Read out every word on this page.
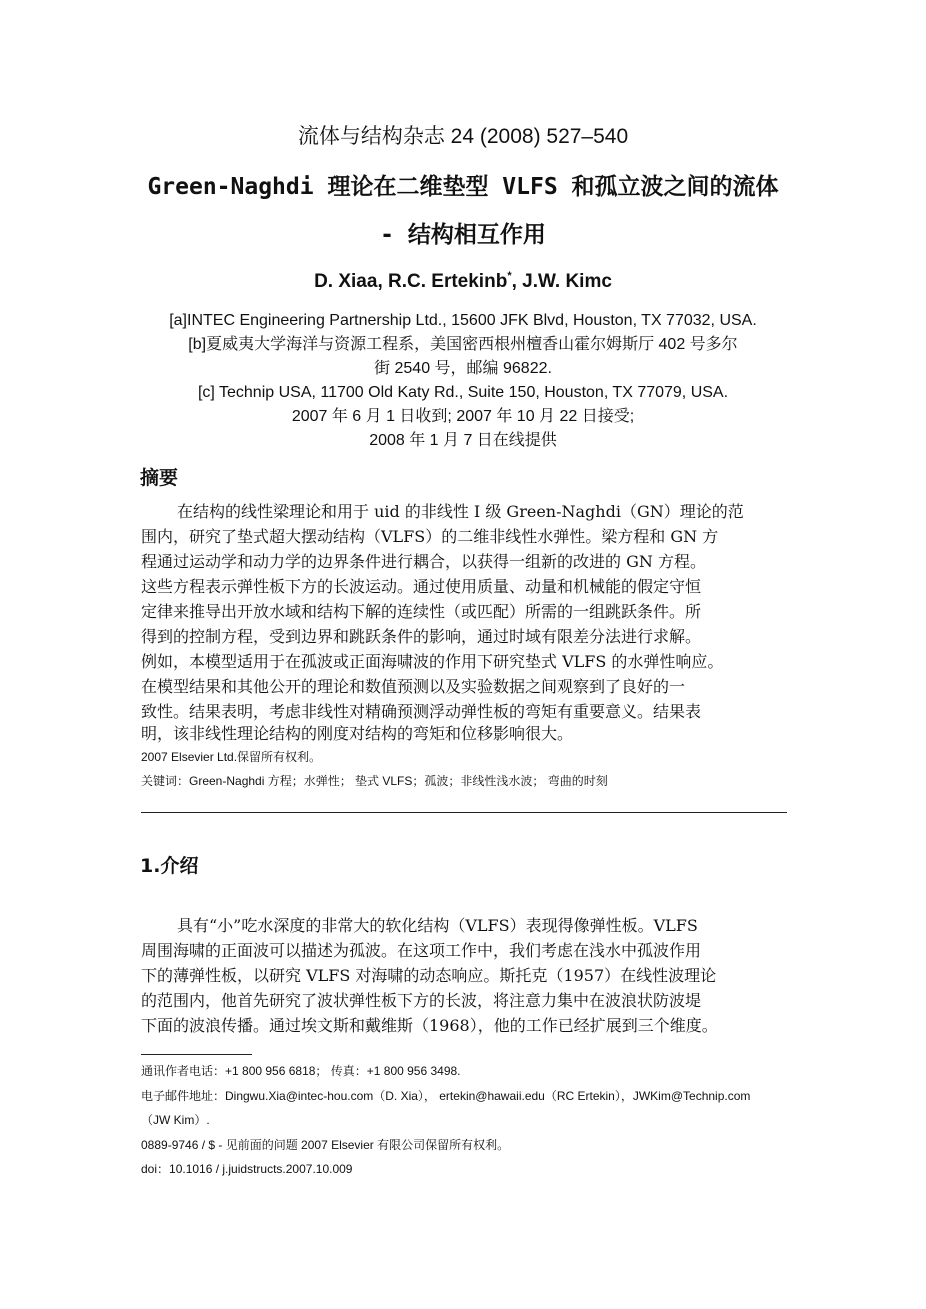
流体与结构杂志 24 (2008) 527–540
Green‐Naghdi 理论在二维垫型 VLFS 和孤立波之间的流体
‐ 结构相互作用
D. Xiaa, R.C. Ertekinb*, J.W. Kimc
[a]INTEC Engineering Partnership Ltd., 15600 JFK Blvd, Houston, TX 77032, USA.
[b]夏威夷大学海洋与资源工程系，美国密西根州檀香山霍尔姆斯厅 402 号多尔
街 2540 号，邮编 96822.
[c] Technip USA, 11700 Old Katy Rd., Suite 150, Houston, TX 77079, USA.
2007 年 6 月 1 日收到; 2007 年 10 月 22 日接受;
2008 年 1 月 7 日在线提供
摘要
在结构的线性梁理论和用于 uid 的非线性 I 级 Green-Naghdi（GN）理论的范
围内，研究了垫式超大摆动结构（VLFS）的二维非线性水弹性。梁方程和 GN 方
程通过运动学和动力学的边界条件进行耦合，以获得一组新的改进的 GN 方程。
这些方程表示弹性板下方的长波运动。通过使用质量、动量和机械能的假定守恒
定律来推导出开放水域和结构下解的连续性（或匹配）所需的一组跳跃条件。所
得到的控制方程，受到边界和跳跃条件的影响，通过时域有限差分法进行求解。
例如，本模型适用于在孤波或正面海啸波的作用下研究垫式 VLFS 的水弹性响应。
在模型结果和其他公开的理论和数值预测以及实验数据之间观察到了良好的一
致性。结果表明，考虑非线性对精确预测浮动弹性板的弯矩有重要意义。结果表
明，该非线性理论结构的刚度对结构的弯矩和位移影响很大。
2007 Elsevier Ltd.保留所有权利。
关键词：Green-Naghdi 方程；水弹性； 垫式 VLFS；孤波；非线性浅水波； 弯曲的时刻
1.介绍
具有“小”吃水深度的非常大的软化结构（VLFS）表现得像弹性板。VLFS
周围海啸的正面波可以描述为孤波。在这项工作中，我们考虑在浅水中孤波作用
下的薄弹性板，以研究 VLFS 对海啸的动态响应。斯托克（1957）在线性波理论
的范围内，他首先研究了波状弹性板下方的长波，将注意力集中在波浪状防波堤
下面的波浪传播。通过埃文斯和戴维斯（1968），他的工作已经扩展到三个维度。
通讯作者电话：+1 800 956 6818； 传真：+1 800 956 3498.
电子邮件地址：Dingwu.Xia@intec-hou.com（D. Xia）， ertekin@hawaii.edu（RC Ertekin），JWKim@Technip.com
（JW Kim）.
0889-9746 / $ - 见前面的问题 2007 Elsevier 有限公司保留所有权利。
doi：10.1016 / j.juidstructs.2007.10.009
